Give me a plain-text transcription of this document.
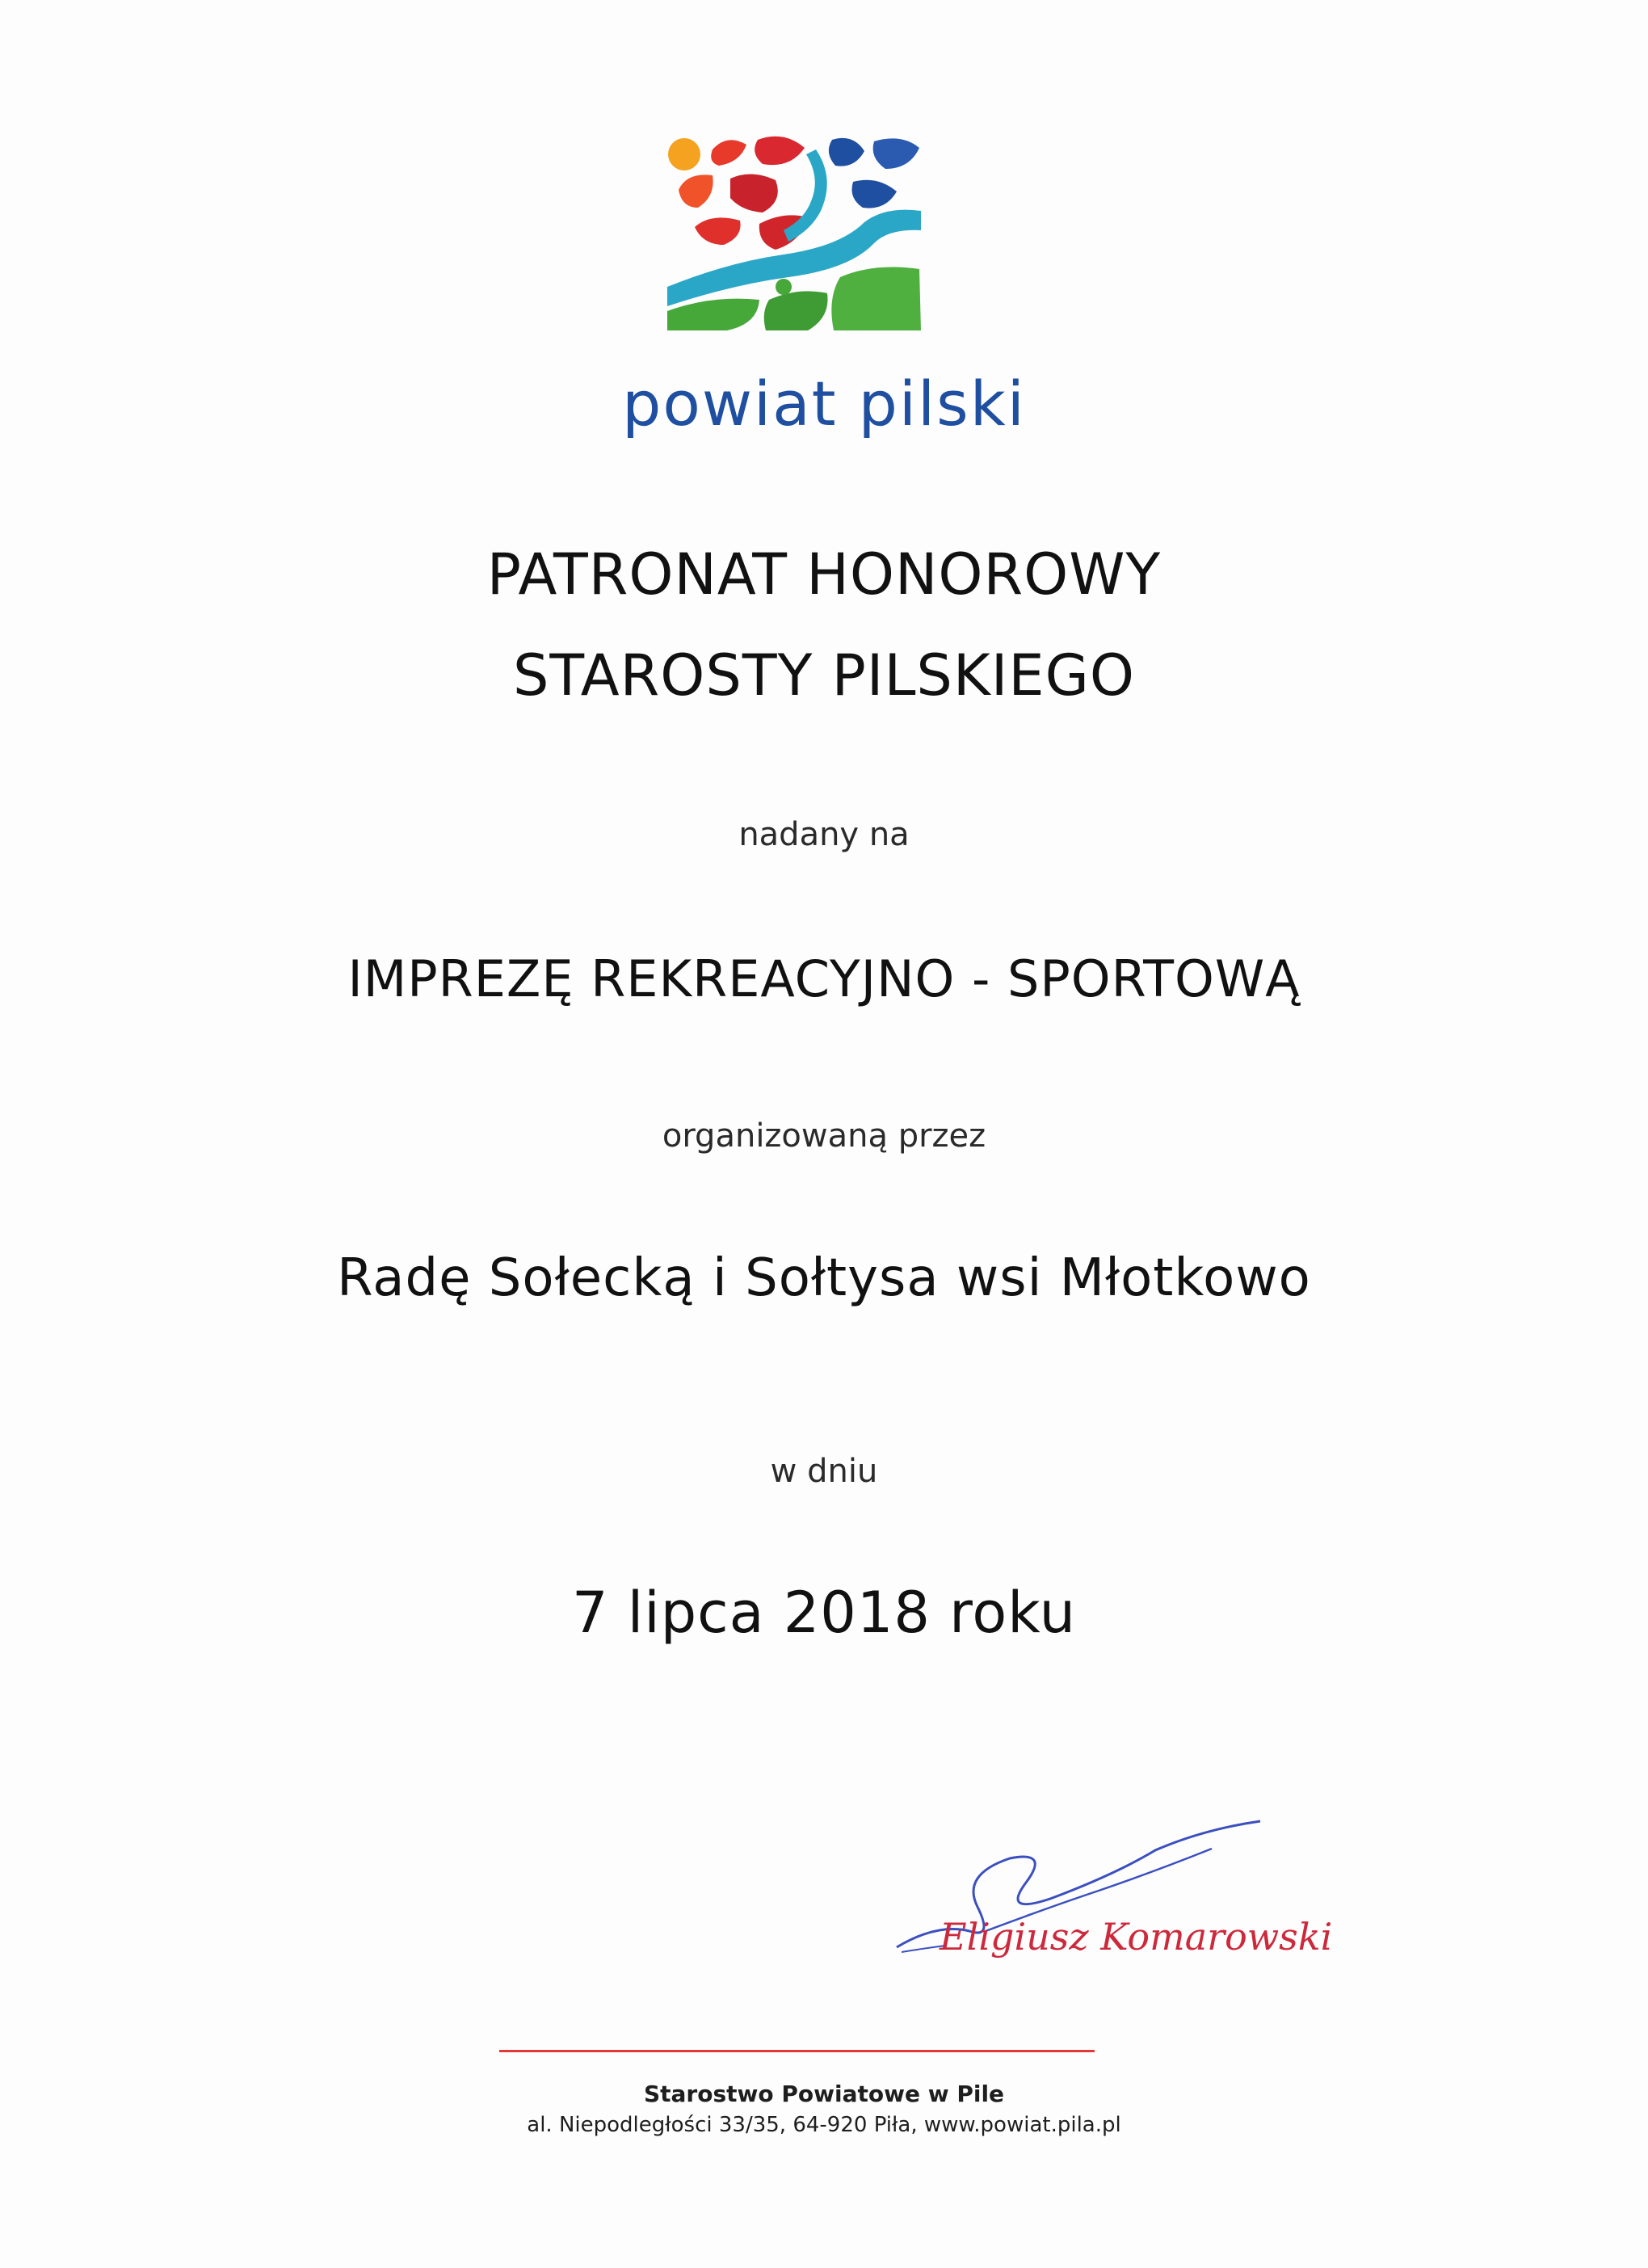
powiat pilski
PATRONAT HONOROWY
STAROSTY PILSKIEGO
nadany na
IMPREZĘ REKREACYJNO - SPORTOWĄ
organizowaną przez
Radę Sołecką i Sołtysa wsi Młotkowo
w dniu
7 lipca 2018 roku
Eligiusz Komarowski
Starostwo Powiatowe w Pile
al. Niepodległości 33/35, 64-920 Piła, www.powiat.pila.pl
